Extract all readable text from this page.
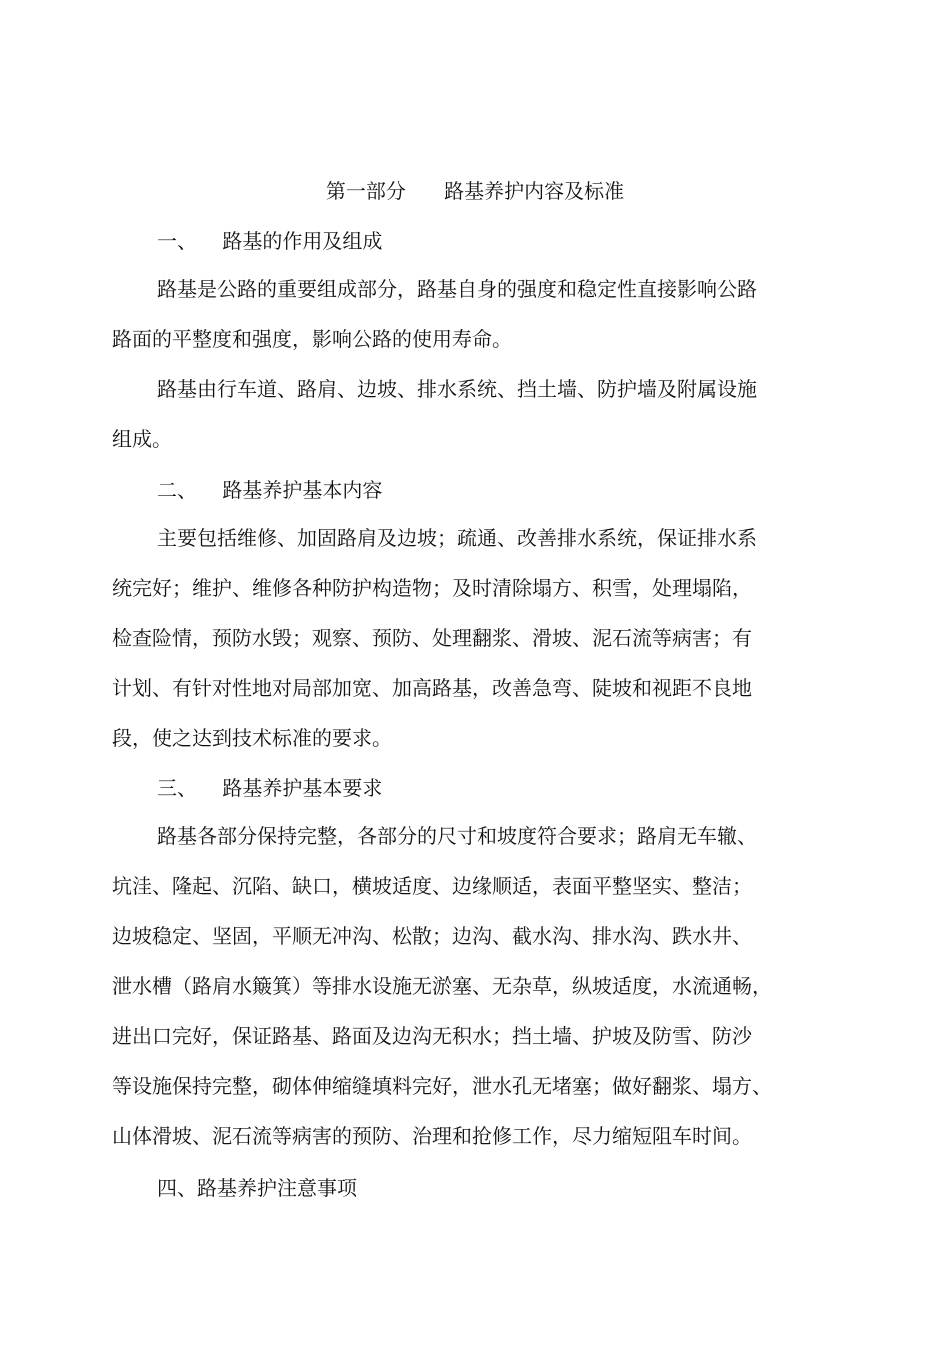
第一部分      路基养护内容及标准
一、    路基的作用及组成
路基是公路的重要组成部分，路基自身的强度和稳定性直接影响公路
路面的平整度和强度，影响公路的使用寿命。
路基由行车道、路肩、边坡、排水系统、挡土墙、防护墙及附属设施
组成。
二、    路基养护基本内容
主要包括维修、加固路肩及边坡；疏通、改善排水系统，保证排水系
统完好；维护、维修各种防护构造物；及时清除塌方、积雪，处理塌陷，
检查险情，预防水毁；观察、预防、处理翻浆、滑坡、泥石流等病害；有
计划、有针对性地对局部加宽、加高路基，改善急弯、陡坡和视距不良地
段，使之达到技术标准的要求。
三、    路基养护基本要求
路基各部分保持完整，各部分的尺寸和坡度符合要求；路肩无车辙、
坑洼、隆起、沉陷、缺口，横坡适度、边缘顺适，表面平整坚实、整洁；
边坡稳定、坚固，平顺无冲沟、松散；边沟、截水沟、排水沟、跌水井、
泄水槽（路肩水簸箕）等排水设施无淤塞、无杂草，纵坡适度，水流通畅，
进出口完好，保证路基、路面及边沟无积水；挡土墙、护坡及防雪、防沙
等设施保持完整，砌体伸缩缝填料完好，泄水孔无堵塞；做好翻浆、塌方、
山体滑坡、泥石流等病害的预防、治理和抢修工作，尽力缩短阻车时间。
四、路基养护注意事项
